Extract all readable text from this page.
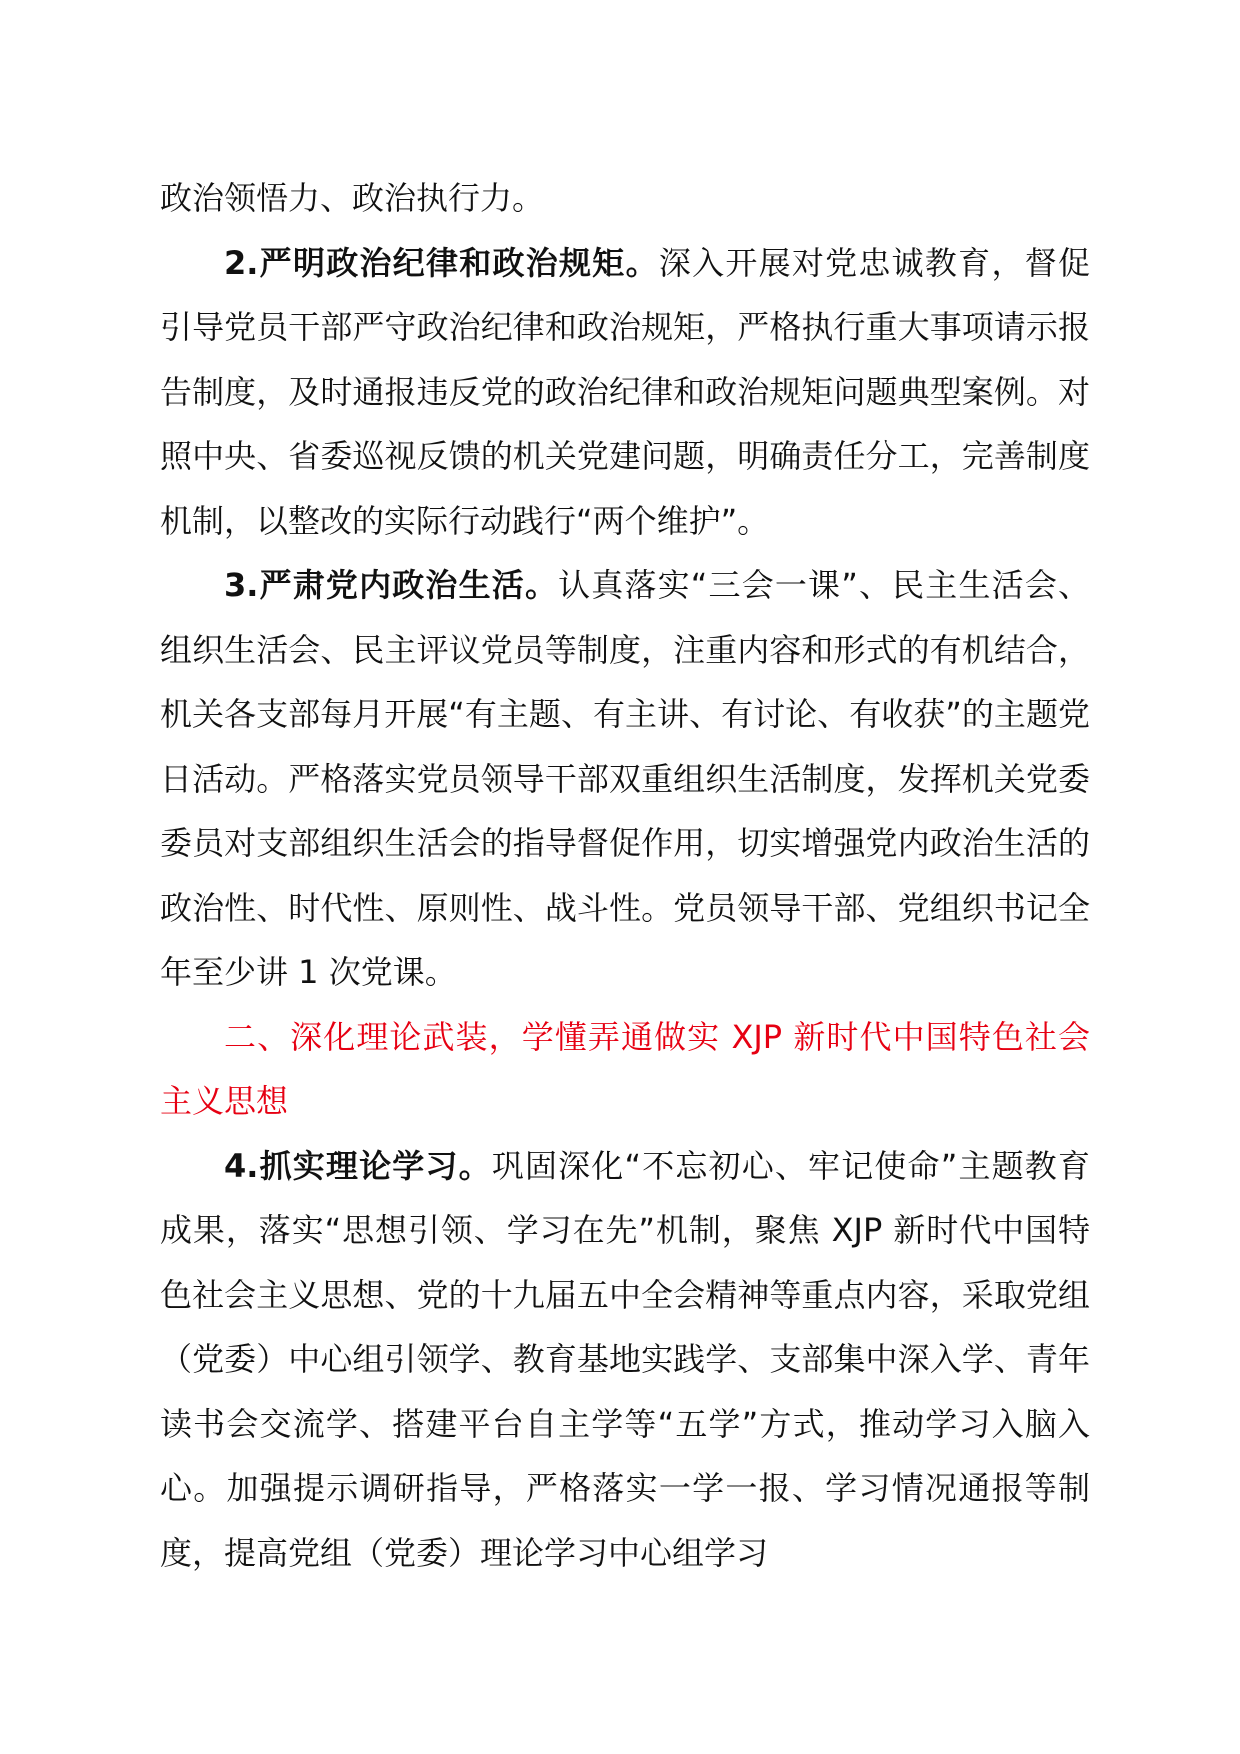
政治领悟力、政治执行力。

2.严明政治纪律和政治规矩。深入开展对党忠诚教育，督促引导党员干部严守政治纪律和政治规矩，严格执行重大事项请示报告制度，及时通报违反党的政治纪律和政治规矩问题典型案例。对照中央、省委巡视反馈的机关党建问题，明确责任分工，完善制度机制，以整改的实际行动践行“两个维护”。

3.严肃党内政治生活。认真落实“三会一课”、民主生活会、组织生活会、民主评议党员等制度，注重内容和形式的有机结合，机关各支部每月开展“有主题、有主讲、有讨论、有收获”的主题党日活动。严格落实党员领导干部双重组织生活制度，发挥机关党委委员对支部组织生活会的指导督促作用，切实增强党内政治生活的政治性、时代性、原则性、战斗性。党员领导干部、党组织书记全年至少讲 1 次党课。

二、深化理论武装，学懂弄通做实 XJP 新时代中国特色社会主义思想

4.抓实理论学习。巩固深化“不忘初心、牢记使命”主题教育成果，落实“思想引领、学习在先”机制，聚焦 XJP 新时代中国特色社会主义思想、党的十九届五中全会精神等重点内容，采取党组（党委）中心组引领学、教育基地实践学、支部集中深入学、青年读书会交流学、搭建平台自主学等“五学”方式，推动学习入脑入心。加强提示调研指导，严格落实一学一报、学习情况通报等制度，提高党组（党委）理论学习中心组学习
